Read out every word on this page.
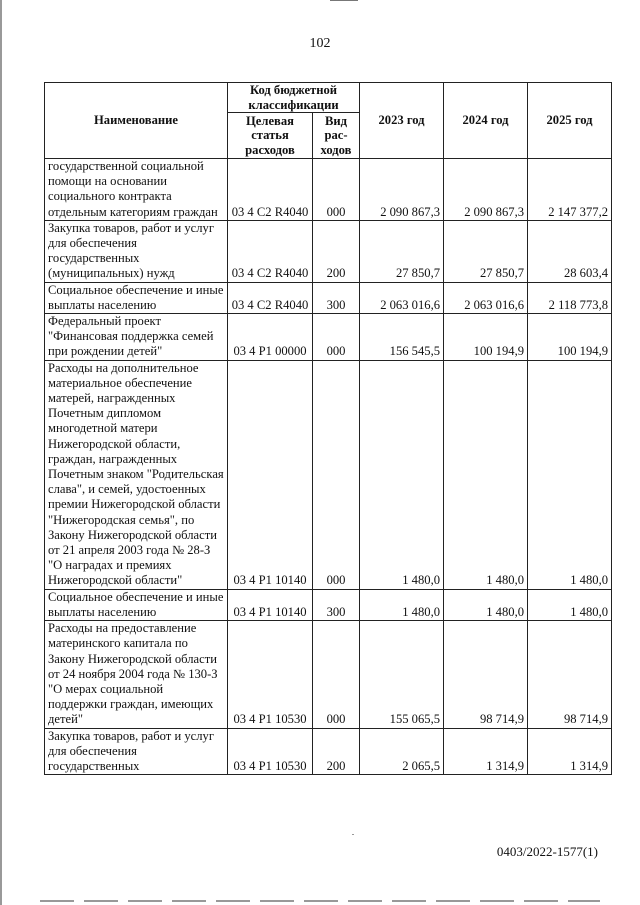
102
Наименование	Код бюджетной классификации		2023 год	2024 год	2025 год
	Целевая статья расходов	Вид рас-ходов			
государственной социальной помощи на основании социального контракта отдельным категориям граждан	03 4 С2 R4040	000	2 090 867,3	2 090 867,3	2 147 377,2
Закупка товаров, работ и услуг для обеспечения государственных (муниципальных) нужд	03 4 С2 R4040	200	27 850,7	27 850,7	28 603,4
Социальное обеспечение и иные выплаты населению	03 4 С2 R4040	300	2 063 016,6	2 063 016,6	2 118 773,8
Федеральный проект "Финансовая поддержка семей при рождении детей"	03 4 P1 00000	000	156 545,5	100 194,9	100 194,9
Расходы на дополнительное материальное обеспечение матерей, награжденных Почетным дипломом многодетной матери Нижегородской области, граждан, награжденных Почетным знаком "Родительская слава", и семей, удостоенных премии Нижегородской области "Нижегородская семья", по Закону Нижегородской области от 21 апреля 2003 года № 28-З "О наградах и премиях Нижегородской области"	03 4 P1 10140	000	1 480,0	1 480,0	1 480,0
Социальное обеспечение и иные выплаты населению	03 4 P1 10140	300	1 480,0	1 480,0	1 480,0
Расходы на предоставление материнского капитала по Закону Нижегородской области от 24 ноября 2004 года № 130-З "О мерах социальной поддержки граждан, имеющих детей"	03 4 P1 10530	000	155 065,5	98 714,9	98 714,9
Закупка товаров, работ и услуг для обеспечения государственных	03 4 P1 10530	200	2 065,5	1 314,9	1 314,9
0403/2022-1577(1)
